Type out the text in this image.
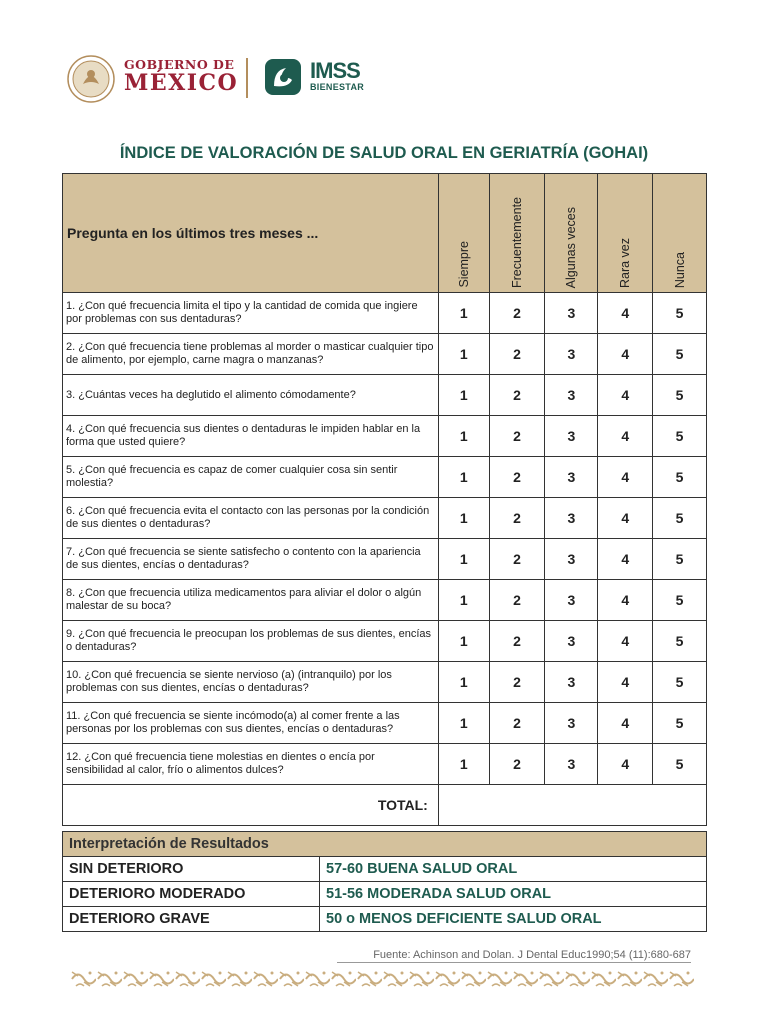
GOBIERNO DE
MÉXICO	IMSS
BIENESTAR
ÍNDICE DE VALORACIÓN DE SALUD ORAL EN GERIATRÍA (GOHAI)
Pregunta en los últimos tres meses ...	Siempre	Frecuentemente	Algunas veces	Rara vez	Nunca

1. ¿Con qué frecuencia limita el tipo y la cantidad de comida que ingiere por problemas con sus dentaduras?	1	2	3	4	5
2. ¿Con qué frecuencia tiene problemas al morder o masticar cualquier tipo de alimento, por ejemplo, carne magra o manzanas?	1	2	3	4	5
3. ¿Cuántas veces ha deglutido el alimento cómodamente?	1	2	3	4	5
4. ¿Con qué frecuencia sus dientes o dentaduras le impiden hablar en la forma que usted quiere?	1	2	3	4	5
5. ¿Con qué frecuencia es capaz de comer cualquier cosa sin sentir molestia?	1	2	3	4	5
6. ¿Con qué frecuencia evita el contacto con las personas por la condición de sus dientes o dentaduras?	1	2	3	4	5
7. ¿Con qué frecuencia se siente satisfecho o contento con la apariencia de sus dientes, encías o dentaduras?	1	2	3	4	5
8. ¿Con que frecuencia utiliza medicamentos para aliviar el dolor o algún malestar de su boca?	1	2	3	4	5
9. ¿Con qué frecuencia le preocupan los problemas de sus dientes, encías o dentaduras?	1	2	3	4	5
10. ¿Con qué frecuencia se siente nervioso (a) (intranquilo) por los problemas con sus dientes, encías o dentaduras?	1	2	3	4	5
11. ¿Con qué frecuencia se siente incómodo(a) al comer frente a las personas por los problemas con sus dientes, encías o dentaduras?	1	2	3	4	5
12. ¿Con qué frecuencia tiene molestias en dientes o encía por sensibilidad al calor, frío o alimentos dulces?	1	2	3	4	5
TOTAL:					
Interpretación de Resultados	
SIN DETERIORO	57-60 BUENA SALUD ORAL
DETERIORO MODERADO	51-56 MODERADA SALUD ORAL
DETERIORO GRAVE	50 o MENOS DEFICIENTE SALUD ORAL
Fuente: Achinson and Dolan. J Dental Educ1990;54 (11):680-687
